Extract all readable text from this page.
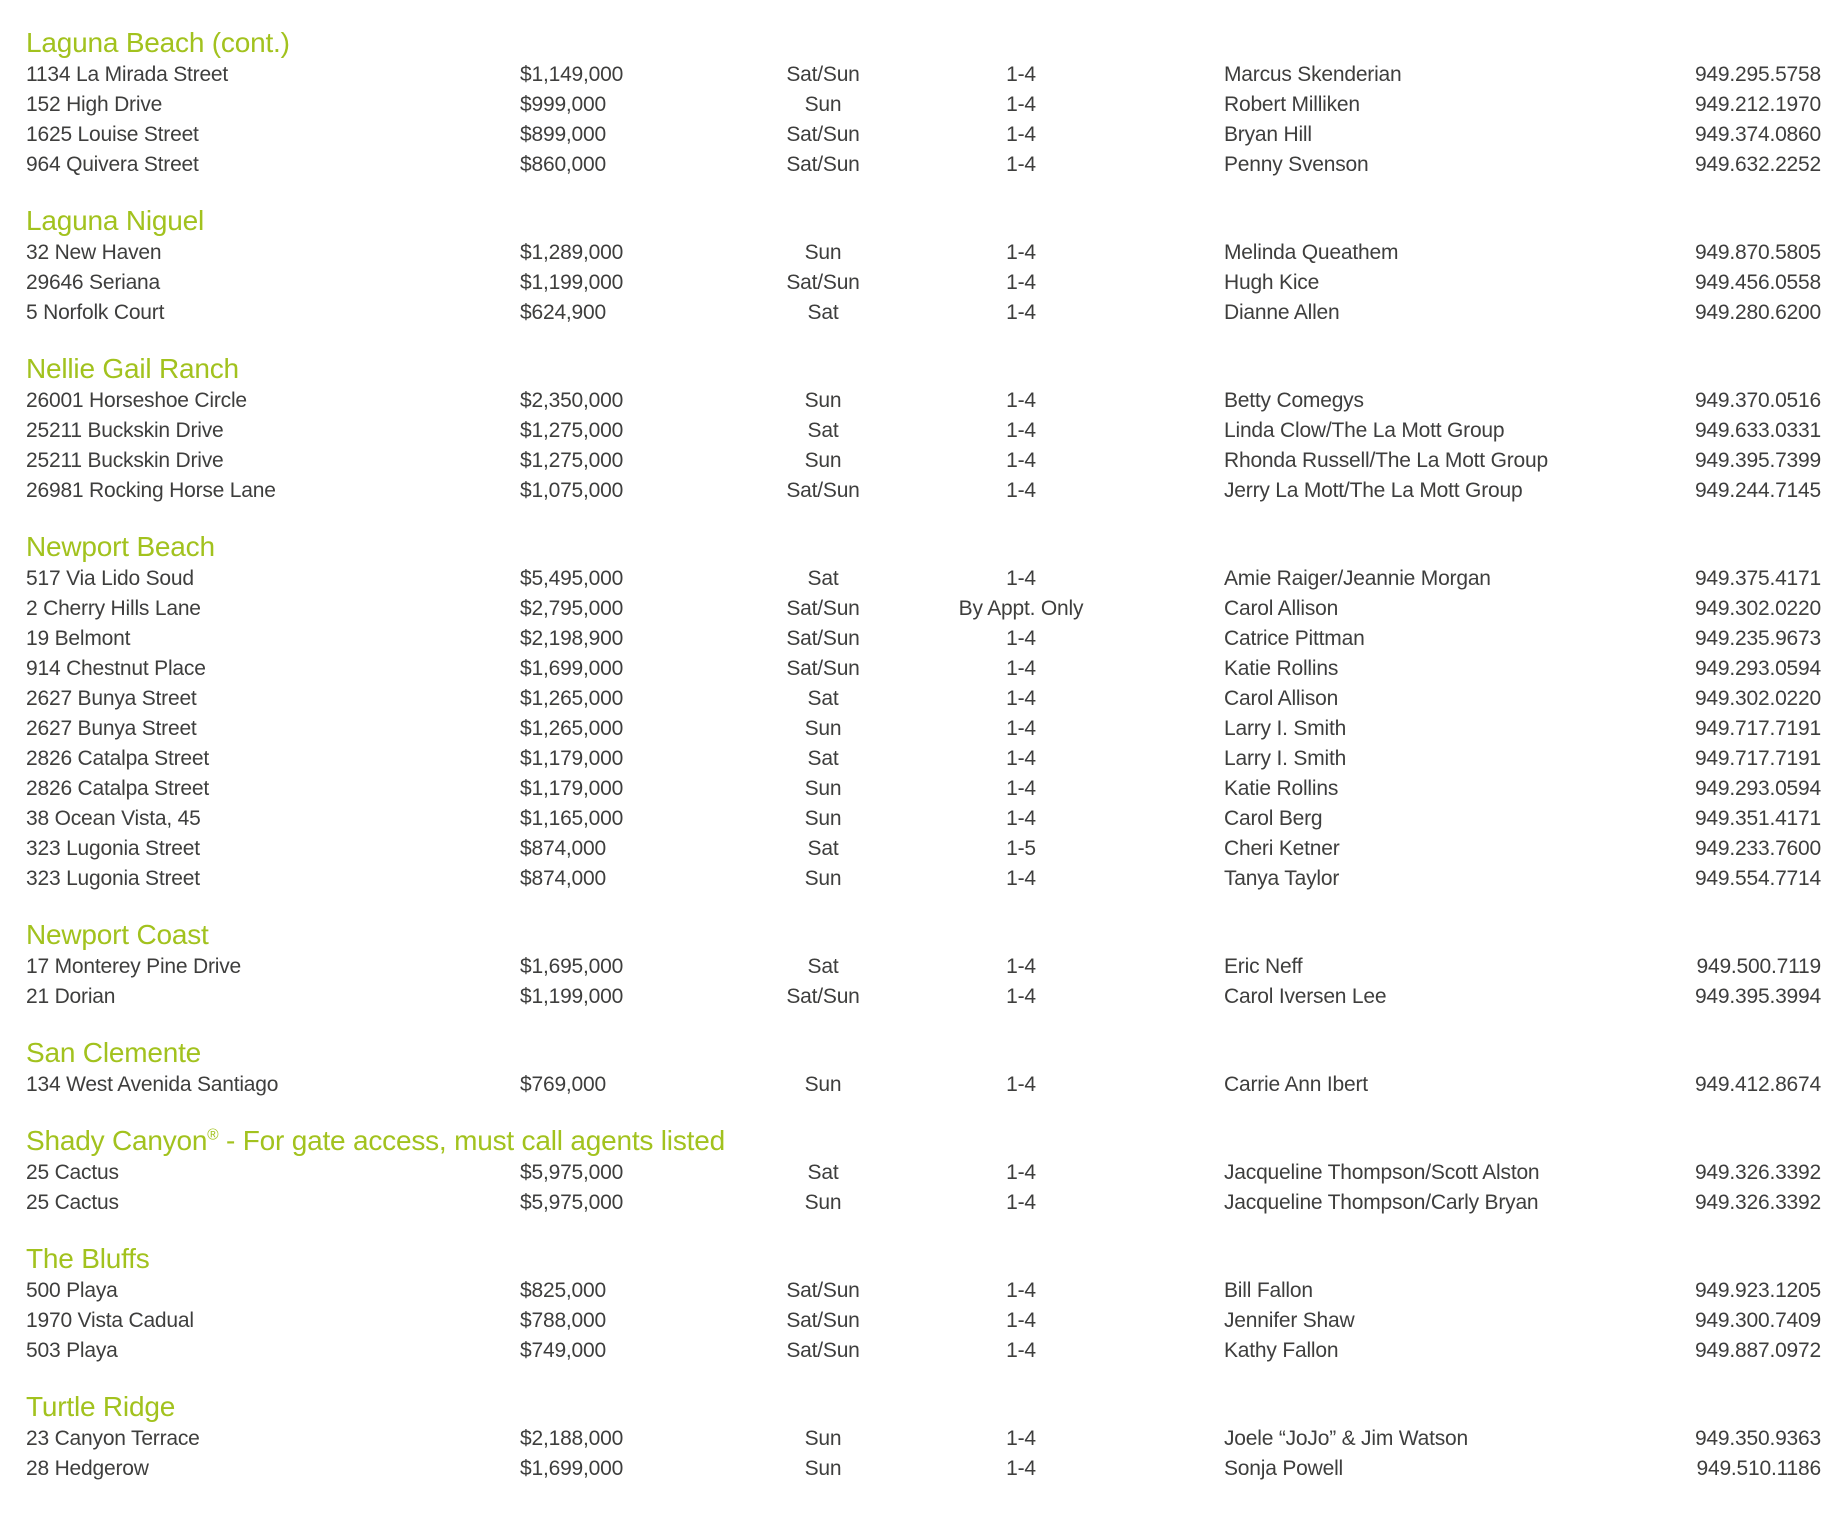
Laguna Beach (cont.)
1134 La Mirada Street	$1,149,000	Sat/Sun	1-4	Marcus Skenderian	949.295.5758
152 High Drive	$999,000	Sun	1-4	Robert Milliken	949.212.1970
1625 Louise Street	$899,000	Sat/Sun	1-4	Bryan Hill	949.374.0860
964 Quivera Street	$860,000	Sat/Sun	1-4	Penny Svenson	949.632.2252
Laguna Niguel
32 New Haven	$1,289,000	Sun	1-4	Melinda Queathem	949.870.5805
29646 Seriana	$1,199,000	Sat/Sun	1-4	Hugh Kice	949.456.0558
5 Norfolk Court	$624,900	Sat	1-4	Dianne Allen	949.280.6200
Nellie Gail Ranch
26001 Horseshoe Circle	$2,350,000	Sun	1-4	Betty Comegys	949.370.0516
25211 Buckskin Drive	$1,275,000	Sat	1-4	Linda Clow/The La Mott Group	949.633.0331
25211 Buckskin Drive	$1,275,000	Sun	1-4	Rhonda Russell/The La Mott Group	949.395.7399
26981 Rocking Horse Lane	$1,075,000	Sat/Sun	1-4	Jerry La Mott/The La Mott Group	949.244.7145
Newport Beach
517 Via Lido Soud	$5,495,000	Sat	1-4	Amie Raiger/Jeannie Morgan	949.375.4171
2 Cherry Hills Lane	$2,795,000	Sat/Sun	By Appt. Only	Carol Allison	949.302.0220
19 Belmont	$2,198,900	Sat/Sun	1-4	Catrice Pittman	949.235.9673
914 Chestnut Place	$1,699,000	Sat/Sun	1-4	Katie Rollins	949.293.0594
2627 Bunya Street	$1,265,000	Sat	1-4	Carol Allison	949.302.0220
2627 Bunya Street	$1,265,000	Sun	1-4	Larry I. Smith	949.717.7191
2826 Catalpa Street	$1,179,000	Sat	1-4	Larry I. Smith	949.717.7191
2826 Catalpa Street	$1,179,000	Sun	1-4	Katie Rollins	949.293.0594
38 Ocean Vista, 45	$1,165,000	Sun	1-4	Carol Berg	949.351.4171
323 Lugonia Street	$874,000	Sat	1-5	Cheri Ketner	949.233.7600
323 Lugonia Street	$874,000	Sun	1-4	Tanya Taylor	949.554.7714
Newport Coast
17 Monterey Pine Drive	$1,695,000	Sat	1-4	Eric Neff	949.500.7119
21 Dorian	$1,199,000	Sat/Sun	1-4	Carol Iversen Lee	949.395.3994
San Clemente
134 West Avenida Santiago	$769,000	Sun	1-4	Carrie Ann Ibert	949.412.8674
Shady Canyon® - For gate access, must call agents listed
25 Cactus	$5,975,000	Sat	1-4	Jacqueline Thompson/Scott Alston	949.326.3392
25 Cactus	$5,975,000	Sun	1-4	Jacqueline Thompson/Carly Bryan	949.326.3392
The Bluffs
500 Playa	$825,000	Sat/Sun	1-4	Bill Fallon	949.923.1205
1970 Vista Cadual	$788,000	Sat/Sun	1-4	Jennifer Shaw	949.300.7409
503 Playa	$749,000	Sat/Sun	1-4	Kathy Fallon	949.887.0972
Turtle Ridge
23 Canyon Terrace	$2,188,000	Sun	1-4	Joele “JoJo” & Jim Watson	949.350.9363
28 Hedgerow	$1,699,000	Sun	1-4	Sonja Powell	949.510.1186
